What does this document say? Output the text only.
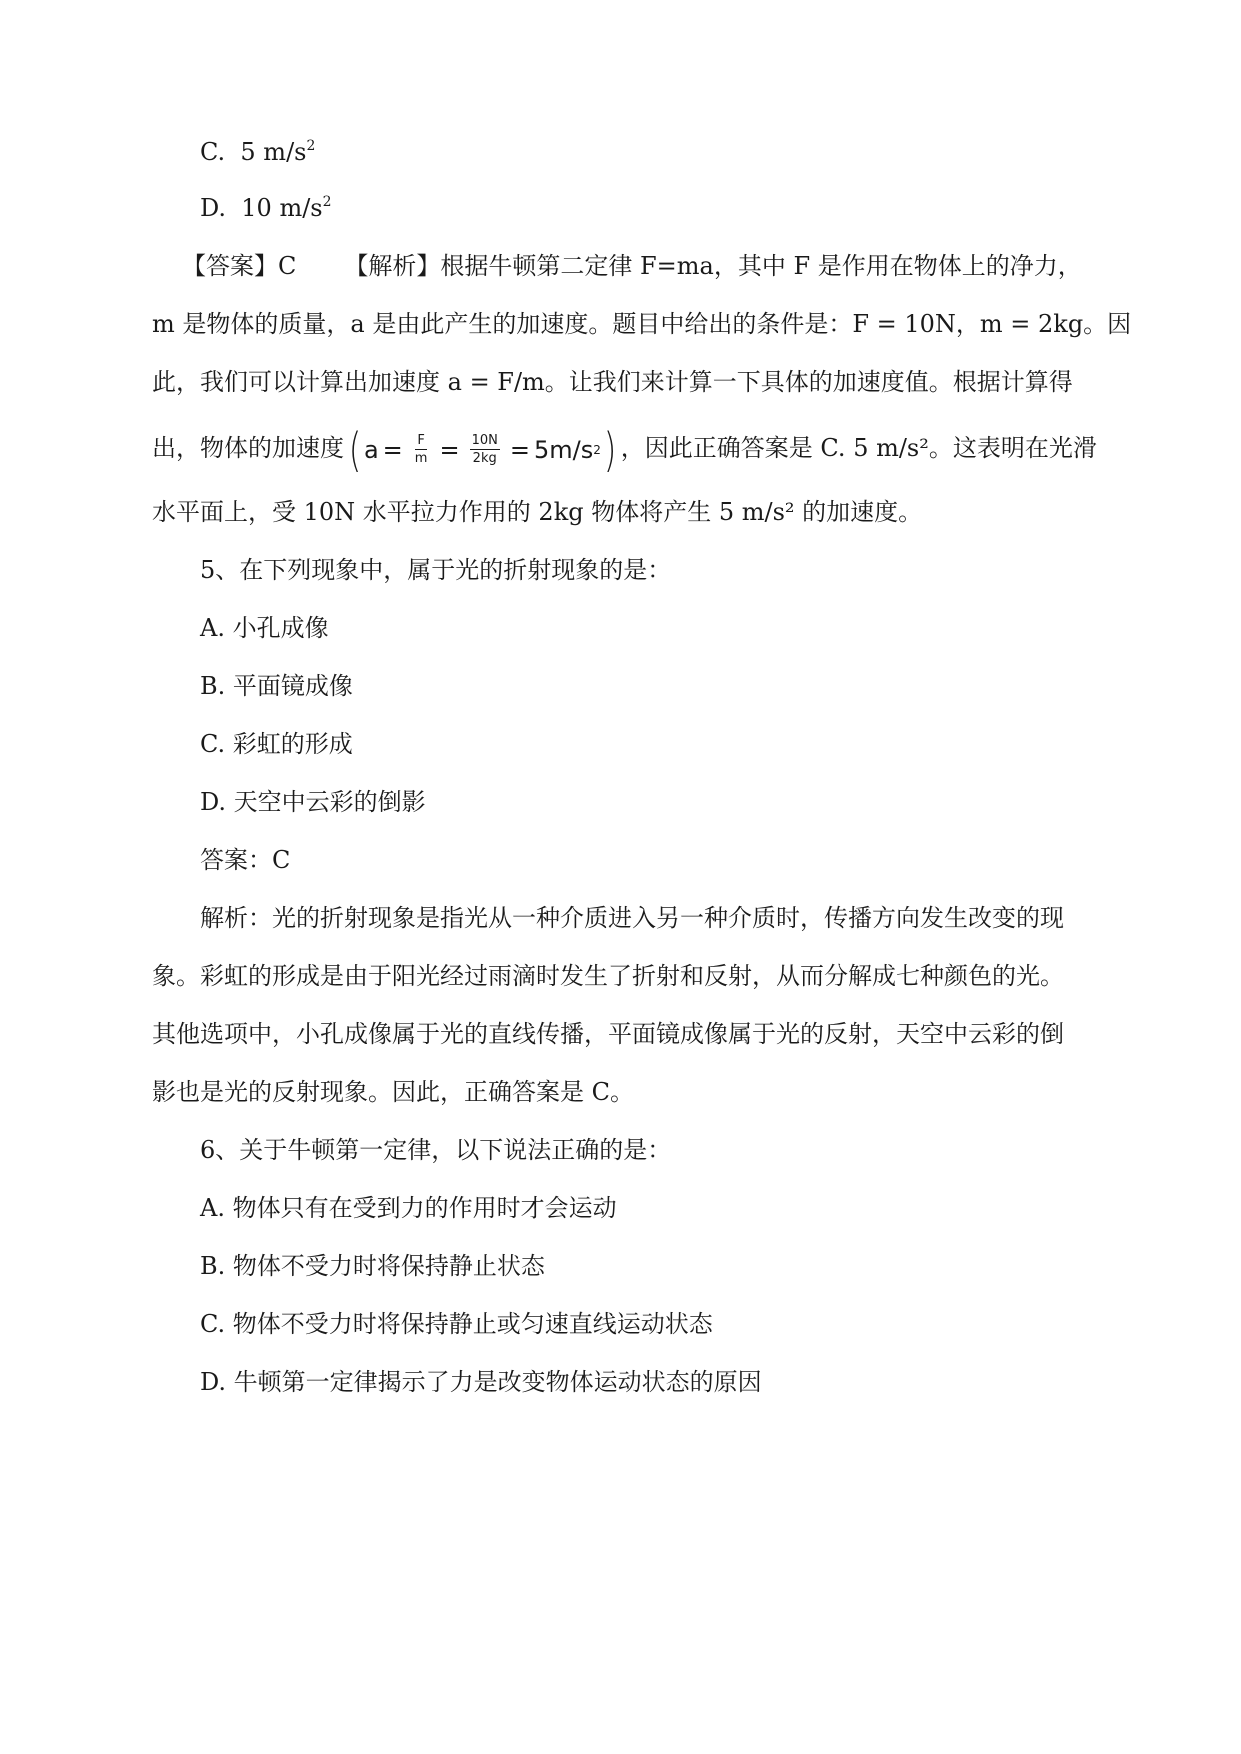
C. 5 $m/s^2$
D. 10 $m/s^2$
【答案】C 【解析】根据牛顿第二定律 F=ma，其中 F 是作用在物体上的净力，
m 是物体的质量，a 是由此产生的加速度。题目中给出的条件是：F = 10N，m = 2kg。因
此，我们可以计算出加速度 a = F/m。让我们来计算一下具体的加速度值。根据计算得
出，物体的加速度 ( $a = \frac{F}{m} = \frac{10N}{2kg} = 5m/s$ 2 ) ，因此正确答案是 C. 5 m/s²。这表明在光滑
水平面上，受 10N 水平拉力作用的 2kg 物体将产生 5 m/s² 的加速度。
5、在下列现象中，属于光的折射现象的是：
A. 小孔成像
B. 平面镜成像
C. 彩虹的形成
D. 天空中云彩的倒影
答案：C
解析：光的折射现象是指光从一种介质进入另一种介质时，传播方向发生改变的现
象。彩虹的形成是由于阳光经过雨滴时发生了折射和反射，从而分解成七种颜色的光。
其他选项中，小孔成像属于光的直线传播，平面镜成像属于光的反射，天空中云彩的倒
影也是光的反射现象。因此，正确答案是 C。
6、关于牛顿第一定律，以下说法正确的是：
A. 物体只有在受到力的作用时才会运动
B. 物体不受力时将保持静止状态
C. 物体不受力时将保持静止或匀速直线运动状态
D. 牛顿第一定律揭示了力是改变物体运动状态的原因
